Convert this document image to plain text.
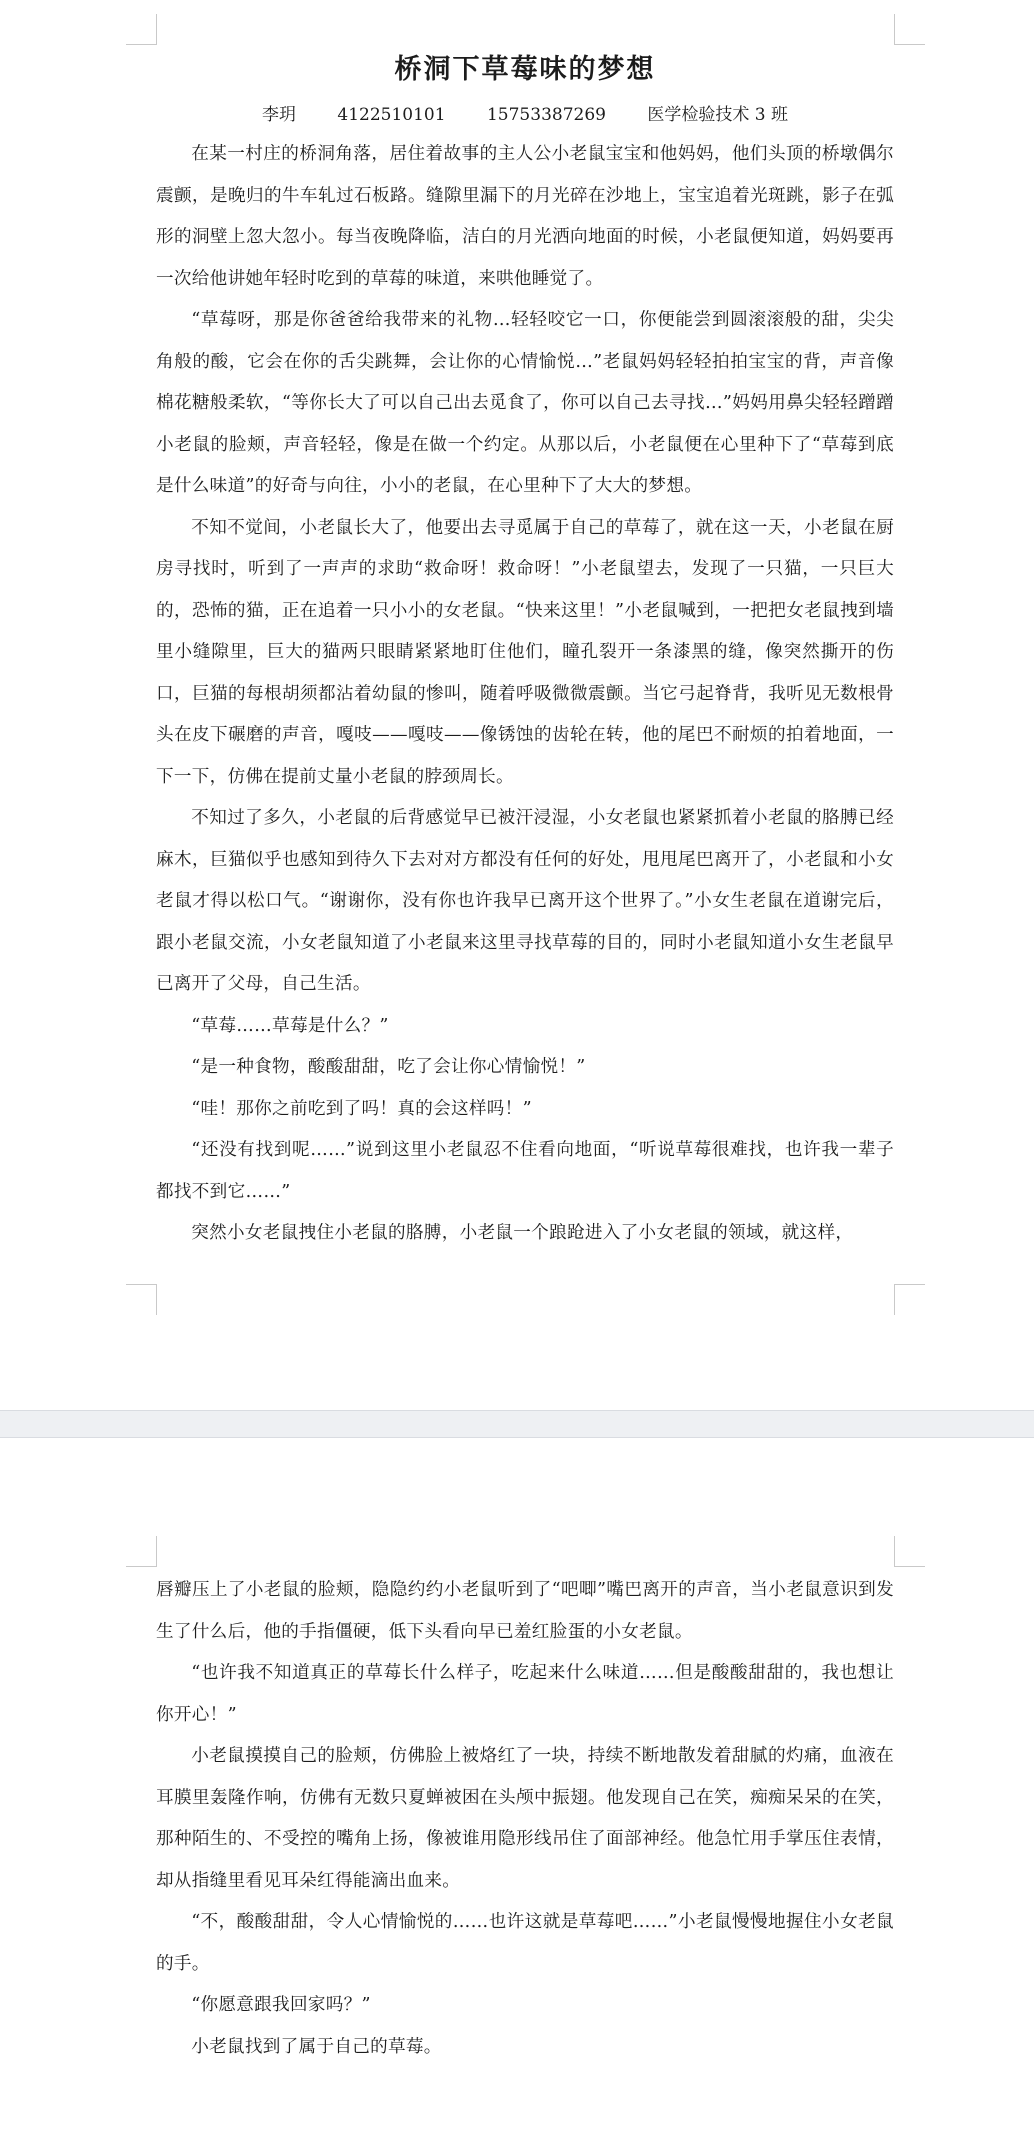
桥洞下草莓味的梦想
李玥 4122510101 15753387269 医学检验技术 3 班

在某一村庄的桥洞角落，居住着故事的主人公小老鼠宝宝和他妈妈，他们头顶的桥墩偶尔震颤，是晚归的牛车轧过石板路。缝隙里漏下的月光碎在沙地上，宝宝追着光斑跳，影子在弧形的洞壁上忽大忽小。每当夜晚降临，洁白的月光洒向地面的时候，小老鼠便知道，妈妈要再一次给他讲她年轻时吃到的草莓的味道，来哄他睡觉了。

“草莓呀，那是你爸爸给我带来的礼物…轻轻咬它一口，你便能尝到圆滚滚般的甜，尖尖角般的酸，它会在你的舌尖跳舞，会让你的心情愉悦…”老鼠妈妈轻轻拍拍宝宝的背，声音像棉花糖般柔软，“等你长大了可以自己出去觅食了，你可以自己去寻找…”妈妈用鼻尖轻轻蹭蹭小老鼠的脸颊，声音轻轻，像是在做一个约定。从那以后，小老鼠便在心里种下了“草莓到底是什么味道”的好奇与向往，小小的老鼠，在心里种下了大大的梦想。

不知不觉间，小老鼠长大了，他要出去寻觅属于自己的草莓了，就在这一天，小老鼠在厨房寻找时，听到了一声声的求助“救命呀！救命呀！”小老鼠望去，发现了一只猫，一只巨大的，恐怖的猫，正在追着一只小小的女老鼠。“快来这里！”小老鼠喊到，一把把女老鼠拽到墙里小缝隙里，巨大的猫两只眼睛紧紧地盯住他们，瞳孔裂开一条漆黑的缝，像突然撕开的伤口，巨猫的每根胡须都沾着幼鼠的惨叫，随着呼吸微微震颤。当它弓起脊背，我听见无数根骨头在皮下碾磨的声音，嘎吱——嘎吱——像锈蚀的齿轮在转，他的尾巴不耐烦的拍着地面，一下一下，仿佛在提前丈量小老鼠的脖颈周长。

不知过了多久，小老鼠的后背感觉早已被汗浸湿，小女老鼠也紧紧抓着小老鼠的胳膊已经麻木，巨猫似乎也感知到待久下去对对方都没有任何的好处，甩甩尾巴离开了，小老鼠和小女老鼠才得以松口气。“谢谢你，没有你也许我早已离开这个世界了。”小女生老鼠在道谢完后，跟小老鼠交流，小女老鼠知道了小老鼠来这里寻找草莓的目的，同时小老鼠知道小女生老鼠早已离开了父母，自己生活。

“草莓……草莓是什么？”

“是一种食物，酸酸甜甜，吃了会让你心情愉悦！”

“哇！那你之前吃到了吗！真的会这样吗！”

“还没有找到呢……”说到这里小老鼠忍不住看向地面，“听说草莓很难找，也许我一辈子都找不到它……”

突然小女老鼠拽住小老鼠的胳膊，小老鼠一个踉跄进入了小女老鼠的领域，就这样，

唇瓣压上了小老鼠的脸颊，隐隐约约小老鼠听到了“吧唧”嘴巴离开的声音，当小老鼠意识到发生了什么后，他的手指僵硬，低下头看向早已羞红脸蛋的小女老鼠。

“也许我不知道真正的草莓长什么样子，吃起来什么味道……但是酸酸甜甜的，我也想让你开心！”

小老鼠摸摸自己的脸颊，仿佛脸上被烙红了一块，持续不断地散发着甜腻的灼痛，血液在耳膜里轰隆作响，仿佛有无数只夏蝉被困在头颅中振翅。他发现自己在笑，痴痴呆呆的在笑，那种陌生的、不受控的嘴角上扬，像被谁用隐形线吊住了面部神经。他急忙用手掌压住表情，却从指缝里看见耳朵红得能滴出血来。

“不，酸酸甜甜，令人心情愉悦的……也许这就是草莓吧……”小老鼠慢慢地握住小女老鼠的手。

“你愿意跟我回家吗？”

小老鼠找到了属于自己的草莓。
